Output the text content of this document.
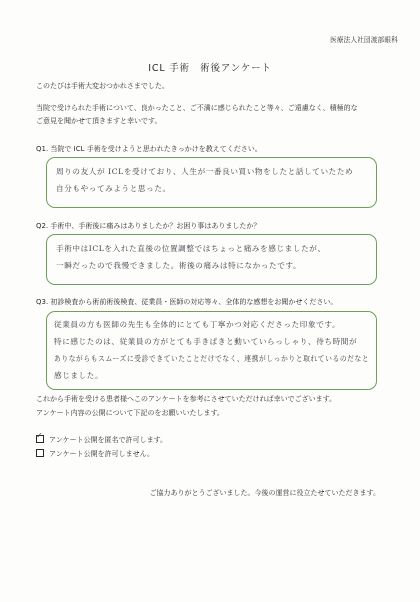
医療法人社団渡部眼科
ICL 手術　術後アンケート
このたびは手術大変おつかれさまでした。
当院で受けられた手術について、良かったこと、ご不満に感じられたこと等々、ご遠慮なく、積極的な
ご意見を聞かせて頂きますと幸いです。
Q1. 当院で ICL 手術を受けようと思われたきっかけを教えてください。
周りの友人が ICLを受けており、人生が一番良い買い物をしたと話していたため
自分もやってみようと思った。
Q2. 手術中、手術後に痛みはありましたか？お困り事はありましたか？
手術中はICLを入れた直後の位置調整ではちょっと痛みを感じましたが、
一瞬だったので我慢できました。術後の痛みは特になかったです。
Q3. 初診検査から術前術後検査、従業員・医師の対応等々、全体的な感想をお聞かせください。
従業員の方も医師の先生も全体的にとても丁寧かつ対応くださった印象です。
特に感じたのは、従業員の方がとても手きぱきと動いていらっしゃり、待ち時間が
ありながらもスムーズに受診できていたことだけでなく、連携がしっかりと取れているのだなと
感じました。
これから手術を受ける患者様へこのアンケートを参考にさせていただければ幸いでございます。
アンケート内容の公開について下記のをお願いいたします。
✓
アンケート公開を匿名で許可します。
アンケート公開を許可しません。
ご協力ありがとうございました。今後の運営に役立たせていただきます。
